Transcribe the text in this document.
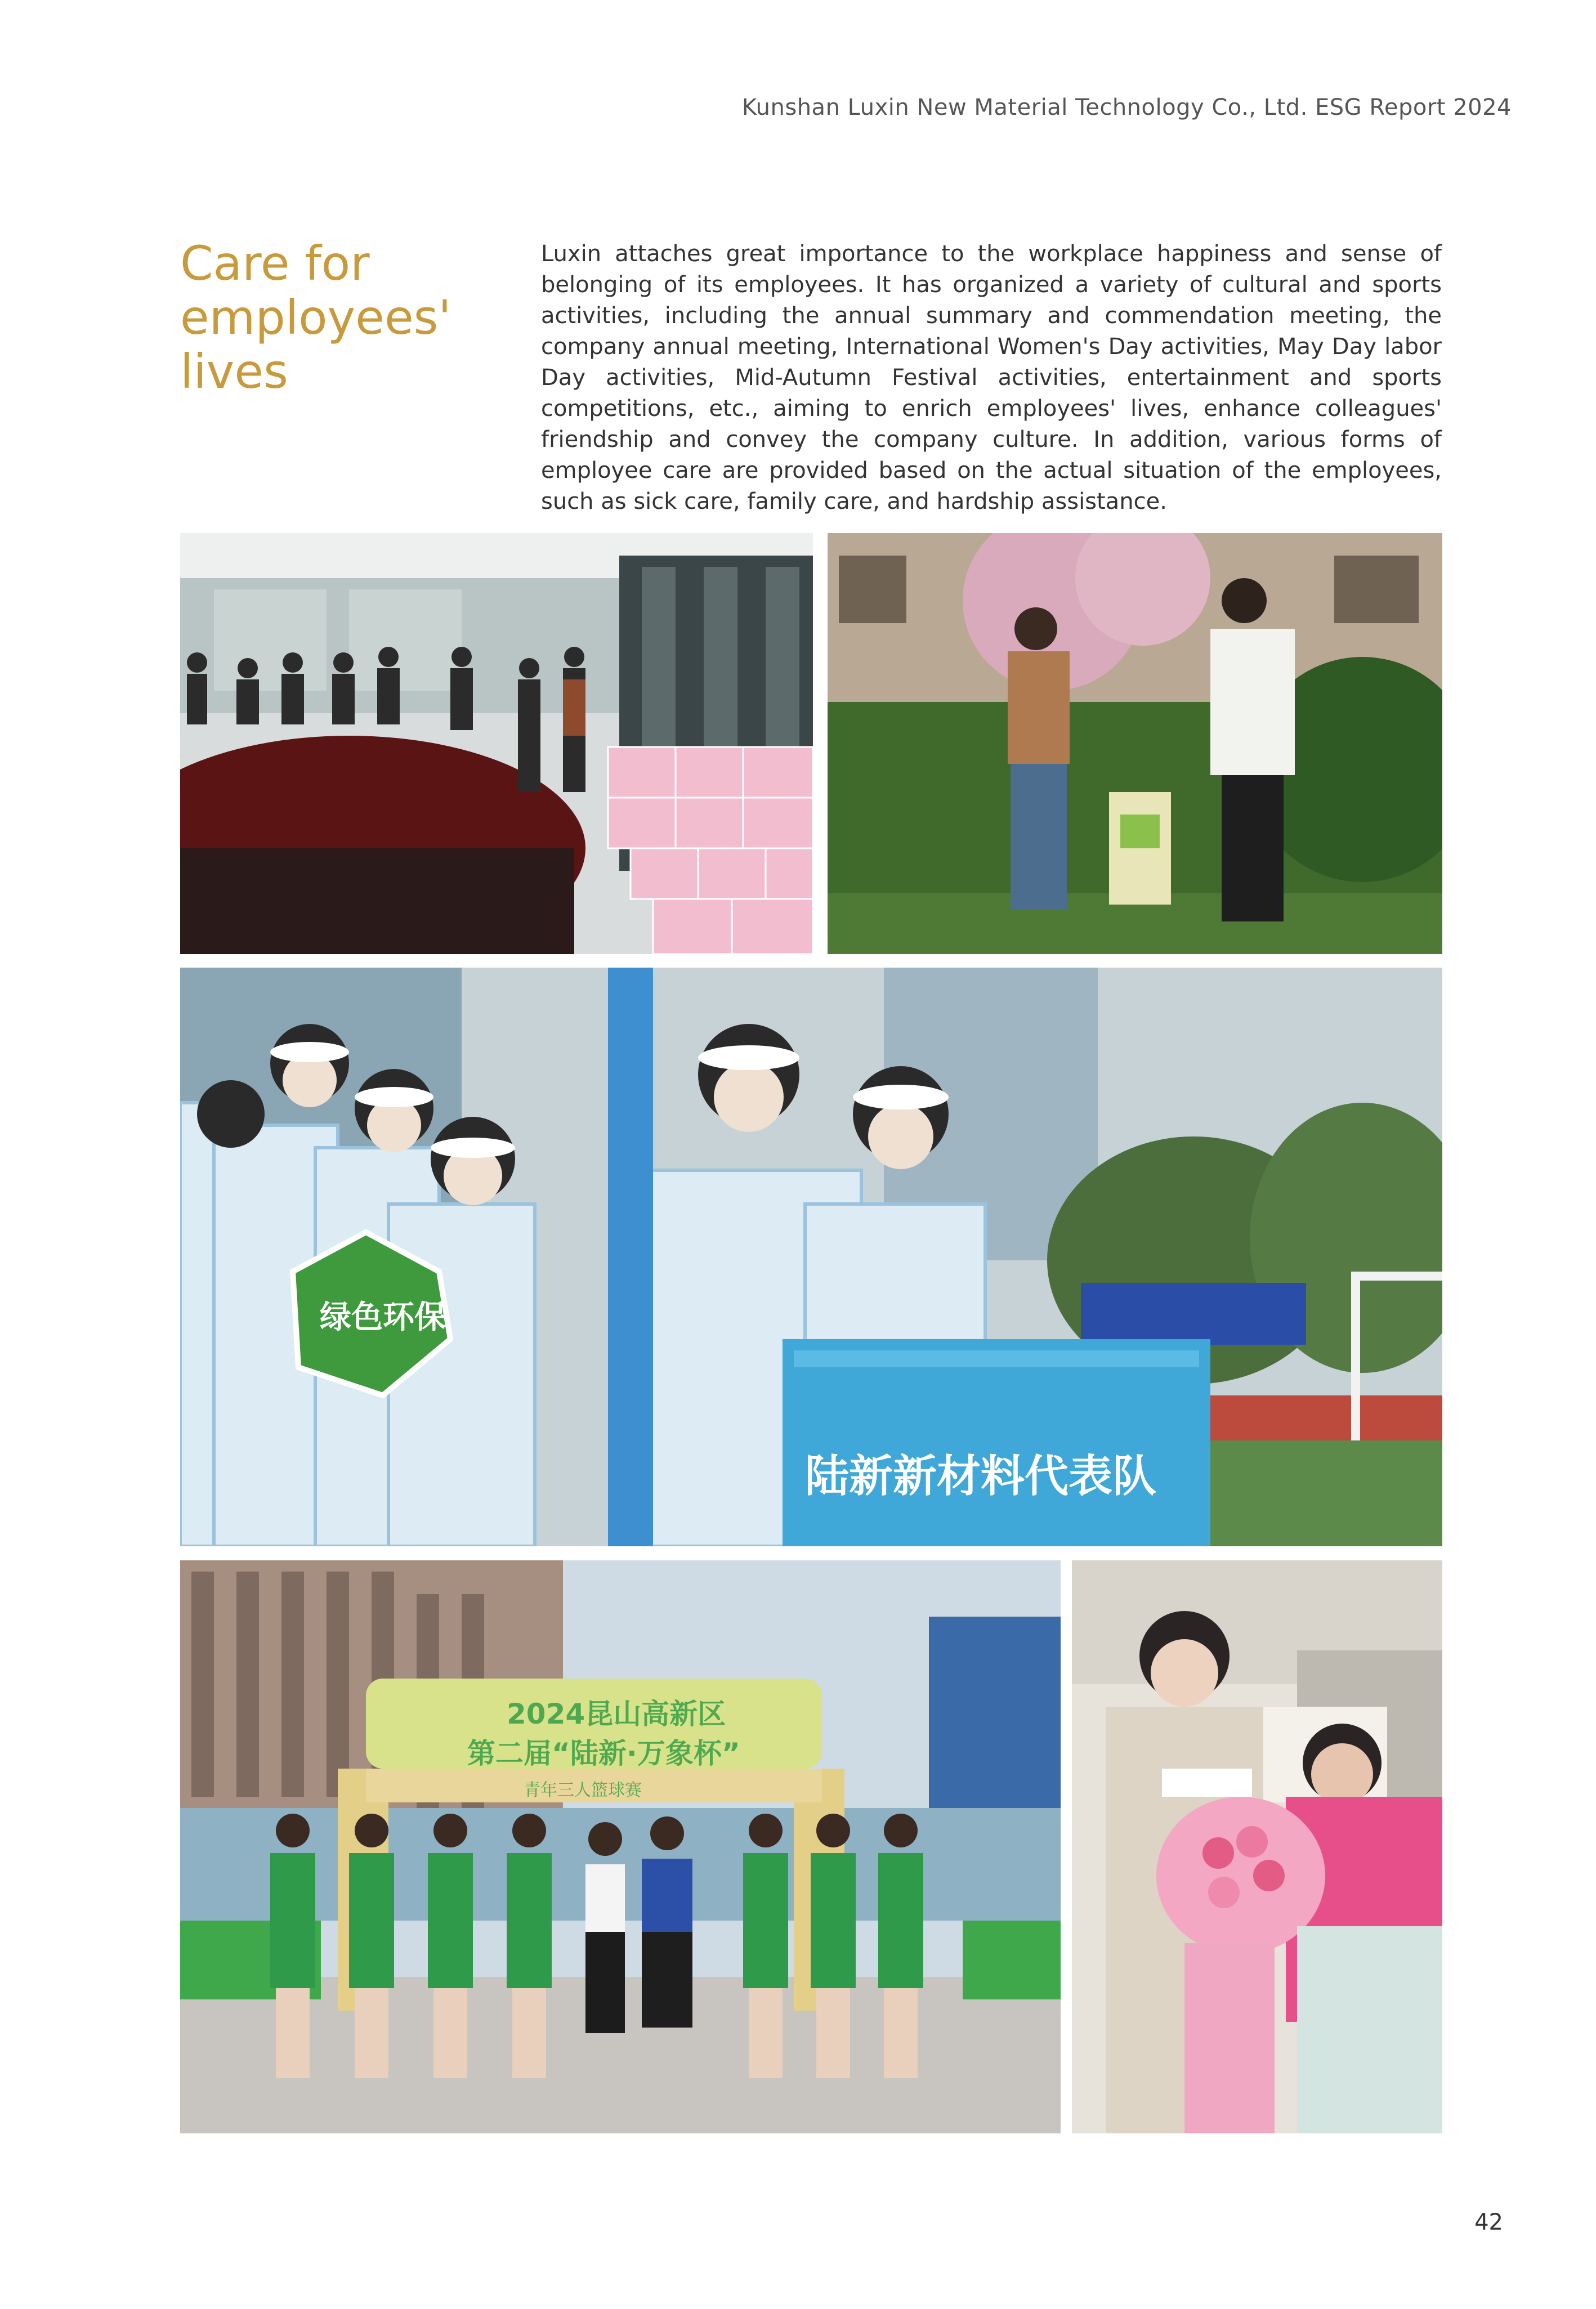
Kunshan Luxin New Material Technology Co., Ltd. ESG Report 2024
Care for employees' lives
Luxin attaches great importance to the workplace happiness and sense of belonging of its employees. It has organized a variety of cultural and sports activities, including the annual summary and commendation meeting, the company annual meeting, International Women's Day activities, May Day labor Day activities, Mid-Autumn Festival activities, entertainment and sports competitions, etc., aiming to enrich employees' lives, enhance colleagues' friendship and convey the company culture. In addition, various forms of employee care are provided based on the actual situation of the employees, such as sick care, family care, and hardship assistance.
绿色环保
陆新新材料代表队
2024昆山高新区
第二届“陆新·万象杯”
青年三人篮球赛
42
